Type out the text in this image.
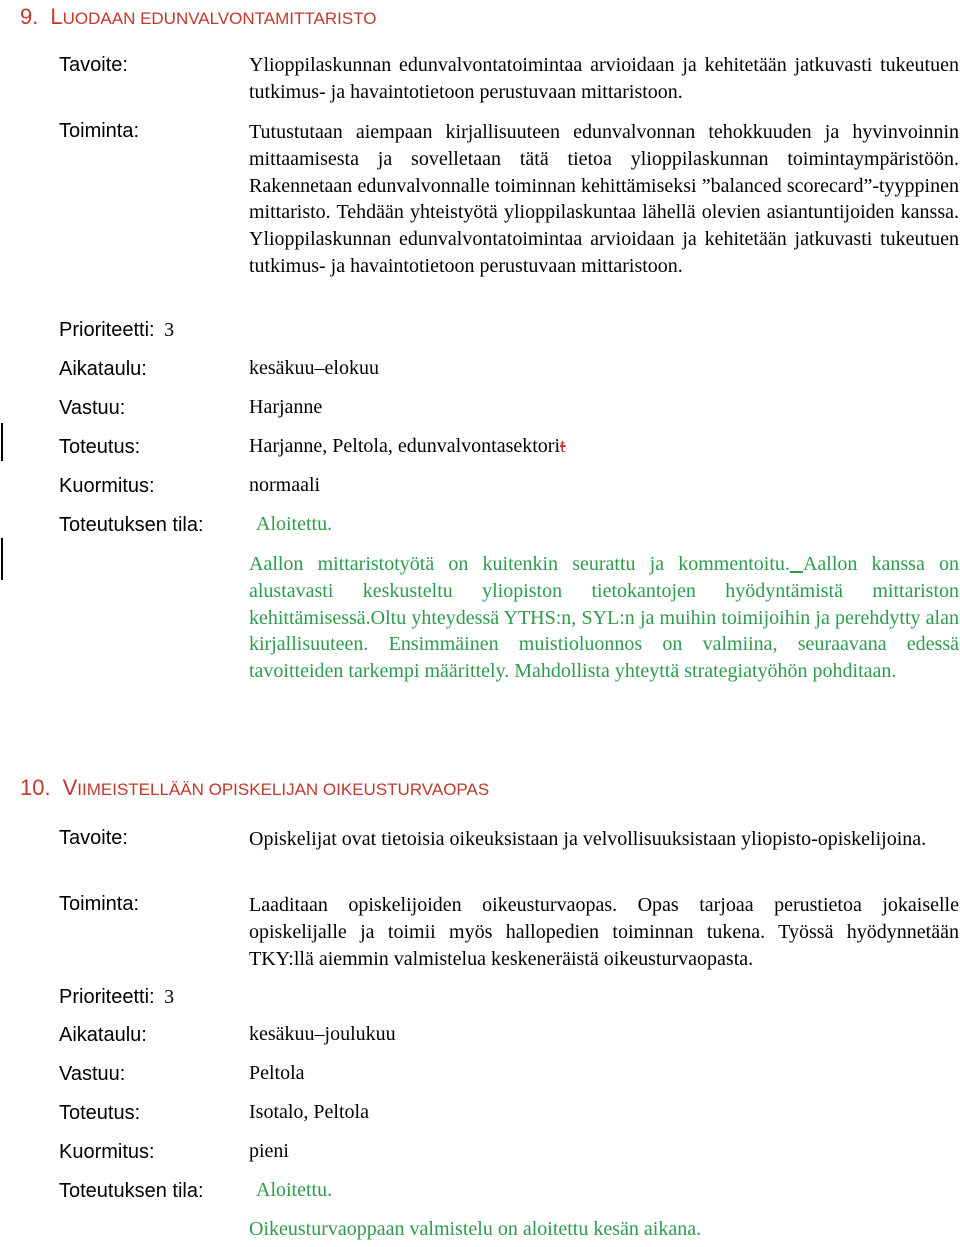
9. LUODAAN EDUNVALVONTAMITTARISTO
Tavoite:	Ylioppilaskunnan edunvalvontatoimintaa arvioidaan ja kehitetään jatkuvasti tukeutuen tutkimus- ja havaintotietoon perustuvaan mittaristoon.
Toiminta:	Tutustutaan aiempaan kirjallisuuteen edunvalvonnan tehokkuuden ja hyvinvoinnin mittaamisesta ja sovelletaan tätä tietoa ylioppilaskunnan toimintaympäristöön. Rakennetaan edunvalvonnalle toiminnan kehittämiseksi ”balanced scorecard”-tyyppinen mittaristo. Tehdään yhteistyötä ylioppilaskuntaa lähellä olevien asiantuntijoiden kanssa. Ylioppilaskunnan edunvalvontatoimintaa arvioidaan ja kehitetään jatkuvasti tukeutuen tutkimus- ja havaintotietoon perustuvaan mittaristoon.
Prioriteetti: 3
Aikataulu:	kesäkuu–elokuu
Vastuu:	Harjanne
Toteutus:	Harjanne, Peltola, edunvalvontasektorit
Kuormitus:	normaali
Toteutuksen tila:	Aloitettu.
Aallon mittaristotyötä on kuitenkin seurattu ja kommentoitu. Aallon kanssa on alustavasti keskusteltu yliopiston tietokantojen hyödyntämistä mittariston kehittämisessä.Oltu yhteydessä YTHS:n, SYL:n ja muihin toimijoihin ja perehdytty alan kirjallisuuteen. Ensimmäinen muistioluonnos on valmiina, seuraavana edessä tavoitteiden tarkempi määrittely. Mahdollista yhteyttä strategiatyöhön pohditaan.
10. VIIMEISTELLÄÄN OPISKELIJAN OIKEUSTURVAOPAS
Tavoite:	Opiskelijat ovat tietoisia oikeuksistaan ja velvollisuuksistaan yliopisto-opiskelijoina.
Toiminta:	Laaditaan opiskelijoiden oikeusturvaopas. Opas tarjoaa perustietoa jokaiselle opiskelijalle ja toimii myös hallopedien toiminnan tukena. Työssä hyödynnetään TKY:llä aiemmin valmistelua keskeneräistä oikeusturvaopasta.
Prioriteetti: 3
Aikataulu:	kesäkuu–joulukuu
Vastuu:	Peltola
Toteutus:	Isotalo, Peltola
Kuormitus:	pieni
Toteutuksen tila:	Aloitettu.
Oikeusturvaoppaan valmistelu on aloitettu kesän aikana.
